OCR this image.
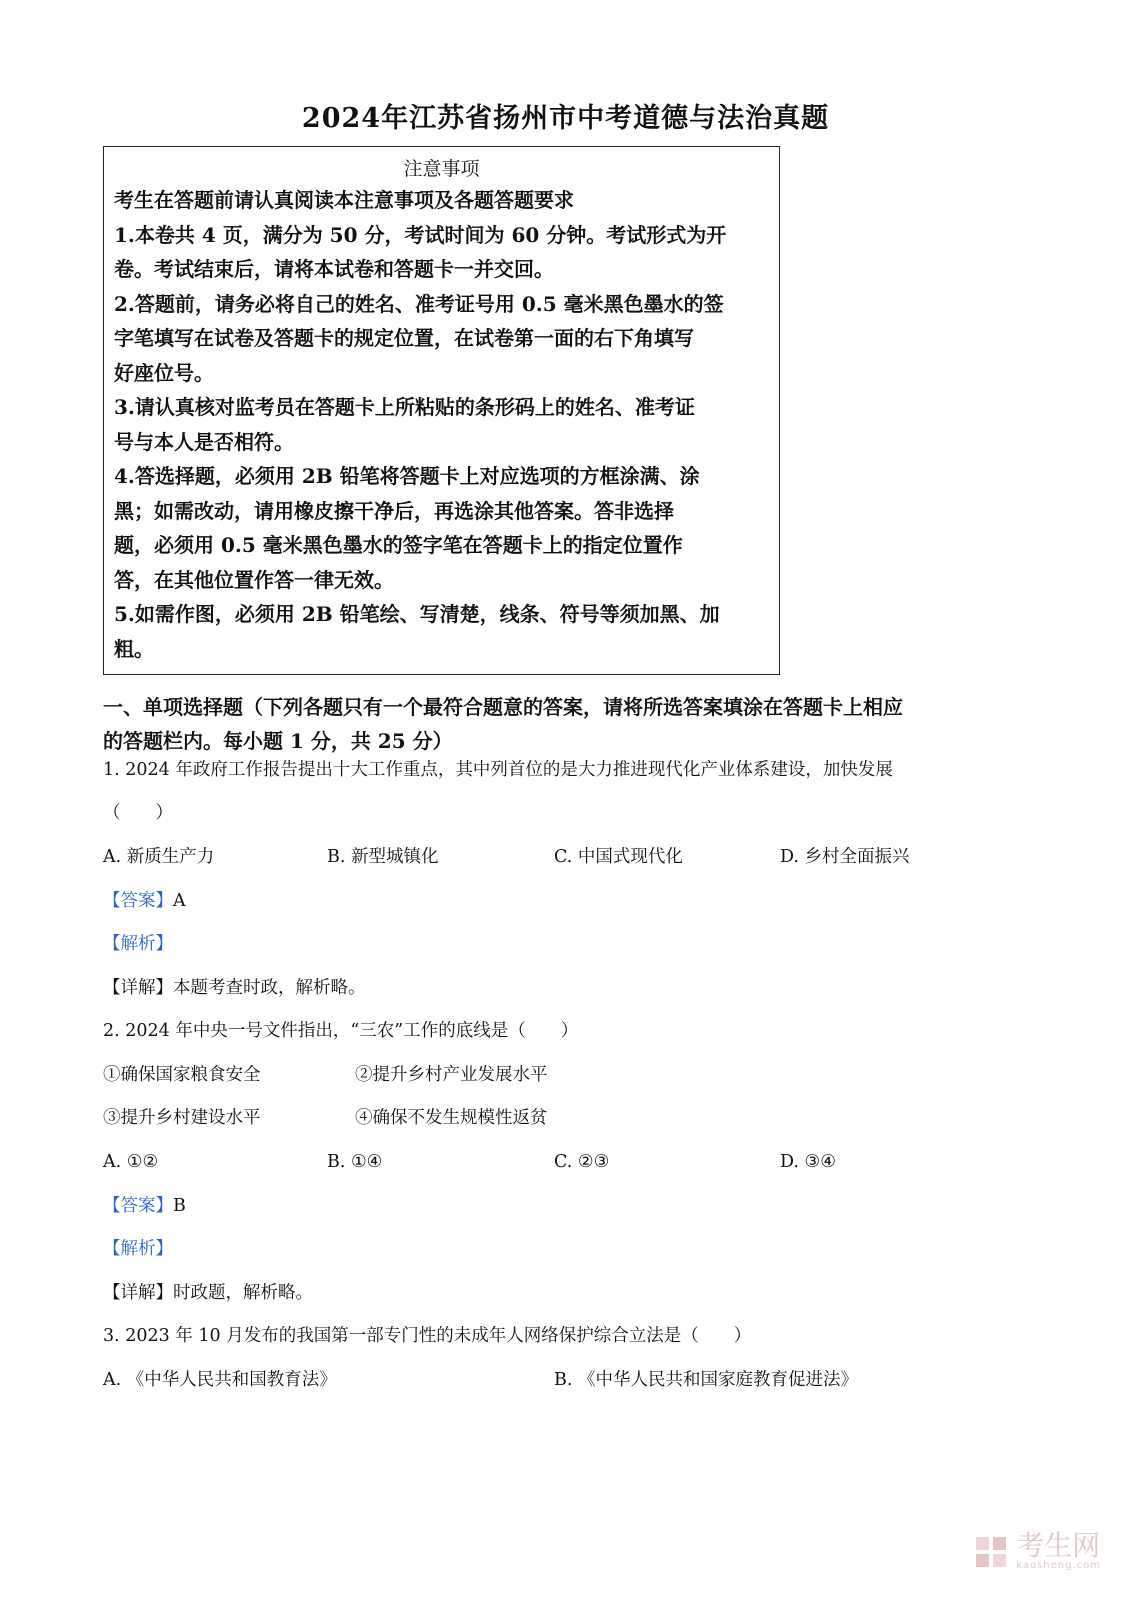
2024年江苏省扬州市中考道德与法治真题
注意事项

考生在答题前请认真阅读本注意事项及各题答题要求

1.本卷共 4 页，满分为 50 分，考试时间为 60 分钟。考试形式为开

卷。考试结束后，请将本试卷和答题卡一并交回。

2.答题前，请务必将自己的姓名、准考证号用 0.5 毫米黑色墨水的签

字笔填写在试卷及答题卡的规定位置，在试卷第一面的右下角填写

好座位号。

3.请认真核对监考员在答题卡上所粘贴的条形码上的姓名、准考证

号与本人是否相符。

4.答选择题，必须用 2B 铅笔将答题卡上对应选项的方框涂满、涂

黑；如需改动，请用橡皮擦干净后，再选涂其他答案。答非选择

题，必须用 0.5 毫米黑色墨水的签字笔在答题卡上的指定位置作

答，在其他位置作答一律无效。

5.如需作图，必须用 2B 铅笔绘、写清楚，线条、符号等须加黑、加

粗。

一、单项选择题（下列各题只有一个最符合题意的答案，请将所选答案填涂在答题卡上相应
的答题栏内。每小题 1 分，共 25 分）
1. 2024 年政府工作报告提出十大工作重点，其中列首位的是大力推进现代化产业体系建设，加快发展
（　　）
A. 新质生产力	B. 新型城镇化	C. 中国式现代化	D. 乡村全面振兴
【答案】A
【解析】
【详解】本题考查时政，解析略。
2. 2024 年中央一号文件指出，“三农”工作的底线是（　　）
①确保国家粮食安全	②提升乡村产业发展水平
③提升乡村建设水平	④确保不发生规模性返贫
A. ①②	B. ①④	C. ②③	D. ③④
【答案】B
【解析】
【详解】时政题，解析略。
3. 2023 年 10 月发布的我国第一部专门性的未成年人网络保护综合立法是（　　）
A. 《中华人民共和国教育法》	B. 《中华人民共和国家庭教育促进法》
考生网
kaosheng.com
